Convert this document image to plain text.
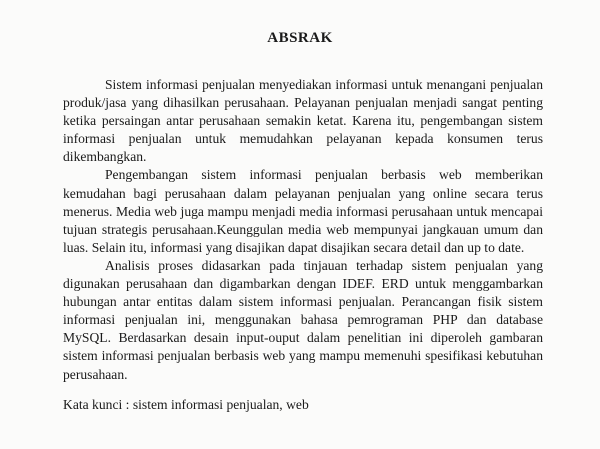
ABSRAK

Sistem informasi penjualan menyediakan informasi untuk menangani penjualan produk/jasa yang dihasilkan perusahaan. Pelayanan penjualan menjadi sangat penting ketika persaingan antar perusahaan semakin ketat. Karena itu, pengembangan sistem informasi penjualan untuk memudahkan pelayanan kepada konsumen terus dikembangkan.

Pengembangan sistem informasi penjualan berbasis web memberikan kemudahan bagi perusahaan dalam pelayanan penjualan yang online secara terus menerus. Media web juga mampu menjadi media informasi perusahaan untuk mencapai tujuan strategis perusahaan.Keunggulan media web mempunyai jangkauan umum dan luas. Selain itu, informasi yang disajikan dapat disajikan secara detail dan up to date.

Analisis proses didasarkan pada tinjauan terhadap sistem penjualan yang digunakan perusahaan dan digambarkan dengan IDEF. ERD untuk menggambarkan hubungan antar entitas dalam sistem informasi penjualan. Perancangan fisik sistem informasi penjualan ini, menggunakan bahasa pemrograman PHP dan database MySQL. Berdasarkan desain input-ouput dalam penelitian ini diperoleh gambaran sistem informasi penjualan berbasis web yang mampu memenuhi spesifikasi kebutuhan perusahaan.

Kata kunci : sistem informasi penjualan, web
